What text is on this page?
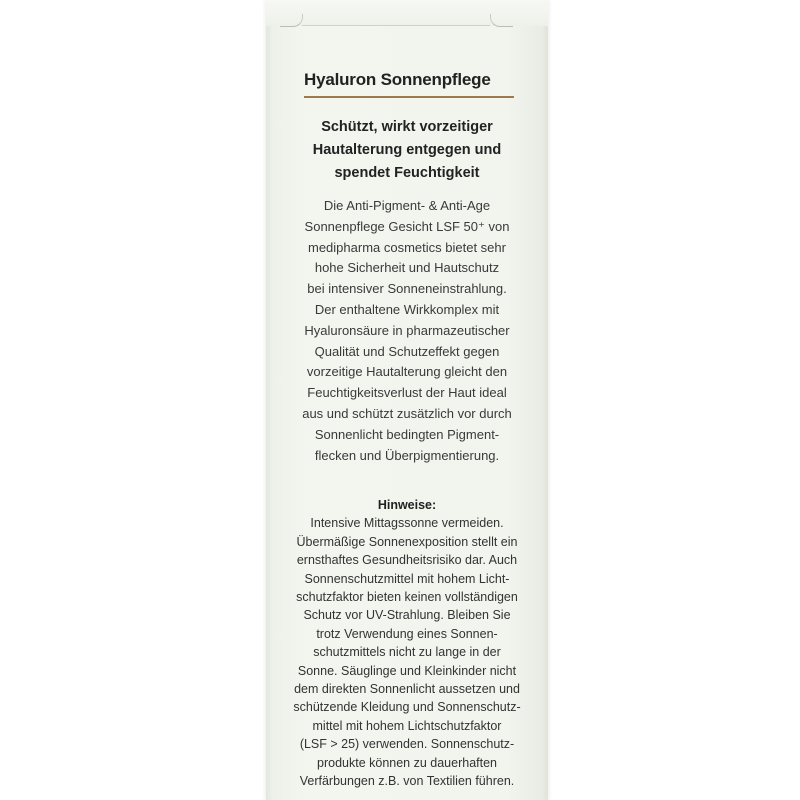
Hyaluron Sonnenpflege
Schützt, wirkt vorzeitiger
Hautalterung entgegen und
spendet Feuchtigkeit
Die Anti-Pigment- & Anti-Age
Sonnenpflege Gesicht LSF 50⁺ von
medipharma cosmetics bietet sehr
hohe Sicherheit und Hautschutz
bei intensiver Sonneneinstrahlung.
Der enthaltene Wirkkomplex mit
Hyaluronsäure in pharmazeutischer
Qualität und Schutzeffekt gegen
vorzeitige Hautalterung gleicht den
Feuchtigkeitsverlust der Haut ideal
aus und schützt zusätzlich vor durch
Sonnenlicht bedingten Pigment-
flecken und Überpigmentierung.
Hinweise:
Intensive Mittagssonne vermeiden.
Übermäßige Sonnenexposition stellt ein
ernsthaftes Gesundheitsrisiko dar. Auch
Sonnenschutzmittel mit hohem Licht-
schutzfaktor bieten keinen vollständigen
Schutz vor UV-Strahlung. Bleiben Sie
trotz Verwendung eines Sonnen-
schutzmittels nicht zu lange in der
Sonne. Säuglinge und Kleinkinder nicht
dem direkten Sonnenlicht aussetzen und
schützende Kleidung und Sonnenschutz-
mittel mit hohem Lichtschutzfaktor
(LSF > 25) verwenden. Sonnenschutz-
produkte können zu dauerhaften
Verfärbungen z.B. von Textilien führen.
